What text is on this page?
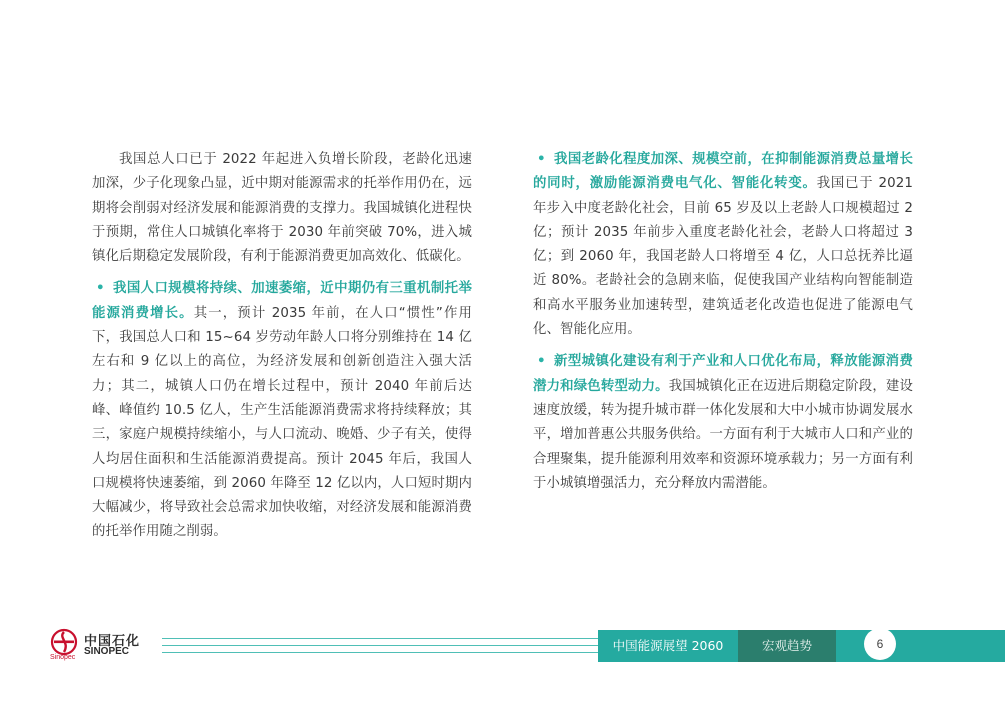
我国总人口已于 2022 年起进入负增长阶段，老龄化迅速加深，少子化现象凸显，近中期对能源需求的托举作用仍在，远期将会削弱对经济发展和能源消费的支撑力。我国城镇化进程快于预期，常住人口城镇化率将于 2030 年前突破 70%，进入城镇化后期稳定发展阶段，有利于能源消费更加高效化、低碳化。

• 我国人口规模将持续、加速萎缩，近中期仍有三重机制托举能源消费增长。其一，预计 2035 年前，在人口“惯性”作用下，我国总人口和 15~64 岁劳动年龄人口将分别维持在 14 亿左右和 9 亿以上的高位，为经济发展和创新创造注入强大活力；其二，城镇人口仍在增长过程中，预计 2040 年前后达峰、峰值约 10.5 亿人，生产生活能源消费需求将持续释放；其三，家庭户规模持续缩小，与人口流动、晚婚、少子有关，使得人均居住面积和生活能源消费提高。预计 2045 年后，我国人口规模将快速萎缩，到 2060 年降至 12 亿以内，人口短时期内大幅减少，将导致社会总需求加快收缩，对经济发展和能源消费的托举作用随之削弱。

• 我国老龄化程度加深、规模空前，在抑制能源消费总量增长的同时，激励能源消费电气化、智能化转变。我国已于 2021 年步入中度老龄化社会，目前 65 岁及以上老龄人口规模超过 2 亿；预计 2035 年前步入重度老龄化社会，老龄人口将超过 3 亿；到 2060 年，我国老龄人口将增至 4 亿，人口总抚养比逼近 80%。老龄社会的急剧来临，促使我国产业结构向智能制造和高水平服务业加速转型，建筑适老化改造也促进了能源电气化、智能化应用。

• 新型城镇化建设有利于产业和人口优化布局，释放能源消费潜力和绿色转型动力。我国城镇化正在迈进后期稳定阶段，建设速度放缓，转为提升城市群一体化发展和大中小城市协调发展水平，增加普惠公共服务供给。一方面有利于大城市人口和产业的合理聚集，提升能源利用效率和资源环境承载力；另一方面有利于小城镇增强活力，充分释放内需潜能。

Sinopec
中国石化
SINOPEC	中国能源展望 2060	宏观趋势	6
